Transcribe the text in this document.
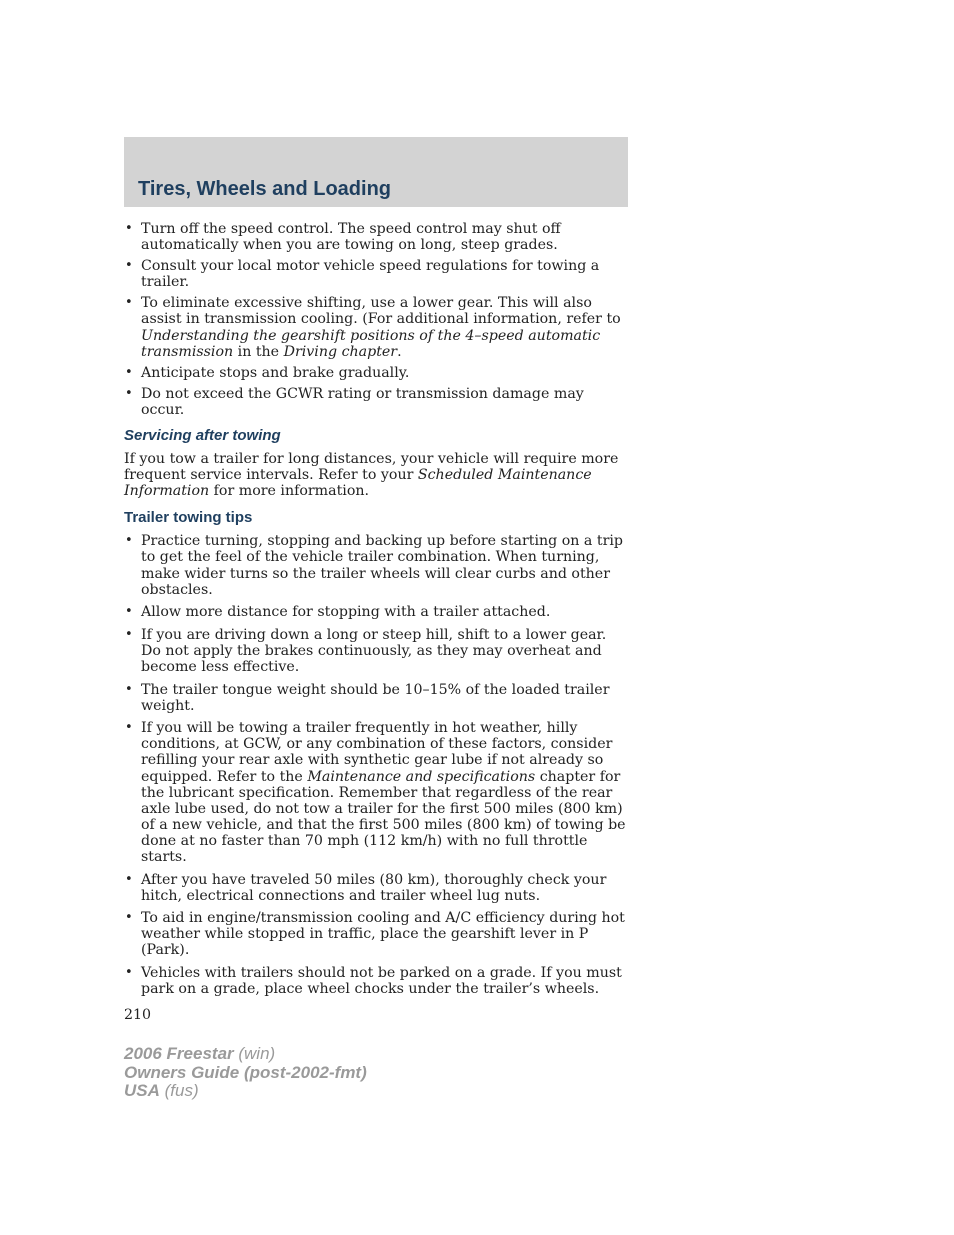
Tires, Wheels and Loading
• Turn off the speed control. The speed control may shut off automatically when you are towing on long, steep grades.
• Consult your local motor vehicle speed regulations for towing a trailer.
• To eliminate excessive shifting, use a lower gear. This will also assist in transmission cooling. (For additional information, refer to Understanding the gearshift positions of the 4–speed automatic transmission in the Driving chapter.
• Anticipate stops and brake gradually.
• Do not exceed the GCWR rating or transmission damage may occur.
Servicing after towing

If you tow a trailer for long distances, your vehicle will require more frequent service intervals. Refer to your Scheduled Maintenance Information for more information.

Trailer towing tips
• Practice turning, stopping and backing up before starting on a trip to get the feel of the vehicle trailer combination. When turning, make wider turns so the trailer wheels will clear curbs and other obstacles.
• Allow more distance for stopping with a trailer attached.
• If you are driving down a long or steep hill, shift to a lower gear. Do not apply the brakes continuously, as they may overheat and become less effective.
• The trailer tongue weight should be 10–15% of the loaded trailer weight.
• If you will be towing a trailer frequently in hot weather, hilly conditions, at GCW, or any combination of these factors, consider refilling your rear axle with synthetic gear lube if not already so equipped. Refer to the Maintenance and specifications chapter for the lubricant specification. Remember that regardless of the rear axle lube used, do not tow a trailer for the first 500 miles (800 km) of a new vehicle, and that the first 500 miles (800 km) of towing be done at no faster than 70 mph (112 km/h) with no full throttle starts.
• After you have traveled 50 miles (80 km), thoroughly check your hitch, electrical connections and trailer wheel lug nuts.
• To aid in engine/transmission cooling and A/C efficiency during hot weather while stopped in traffic, place the gearshift lever in P (Park).
• Vehicles with trailers should not be parked on a grade. If you must park on a grade, place wheel chocks under the trailer’s wheels.
210
2006 Freestar (win)
Owners Guide (post-2002-fmt)
USA (fus)
